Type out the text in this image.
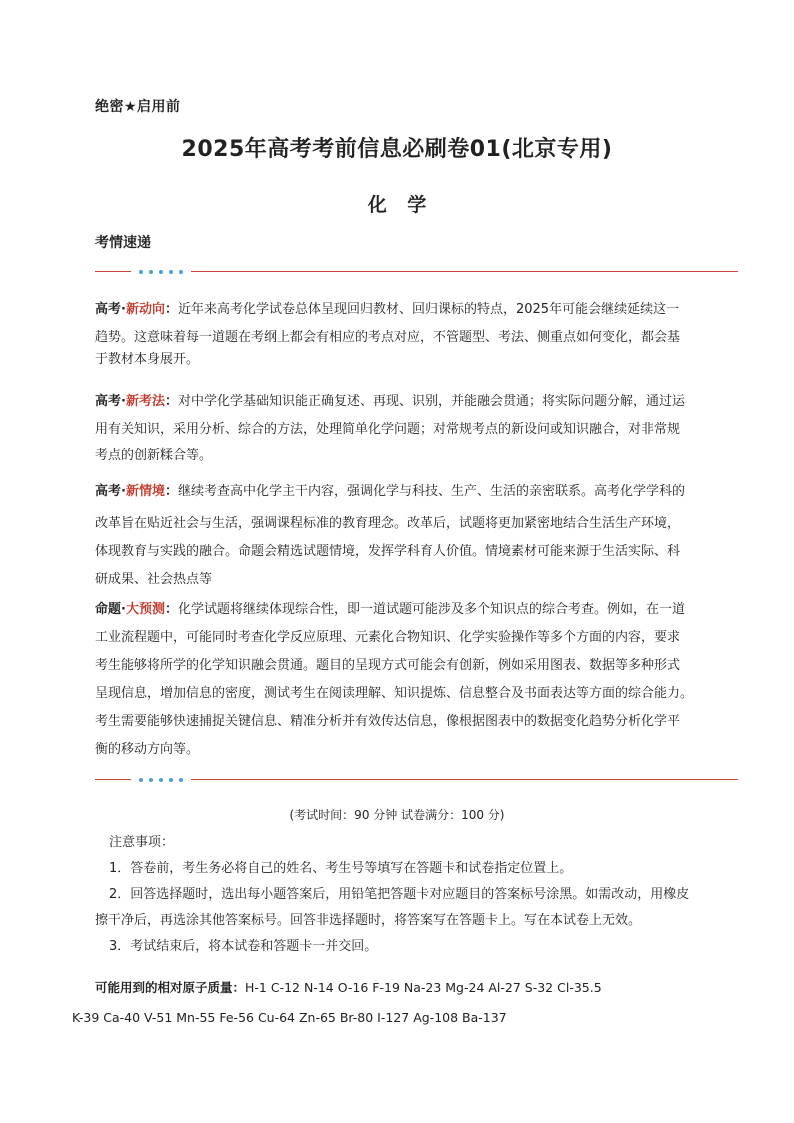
绝密★启用前
2025年高考考前信息必刷卷01(北京专用)
化 学
考情速递
高考·新动向：近年来高考化学试卷总体呈现回归教材、回归课标的特点，2025年可能会继续延续这一
趋势。这意味着每一道题在考纲上都会有相应的考点对应，不管题型、考法、侧重点如何变化，都会基
于教材本身展开。
高考·新考法：对中学化学基础知识能正确复述、再现、识别，并能融会贯通；将实际问题分解，通过运
用有关知识，采用分析、综合的方法，处理简单化学问题；对常规考点的新设问或知识融合，对非常规
考点的创新糅合等。
高考·新情境：继续考查高中化学主干内容，强调化学与科技、生产、生活的亲密联系。高考化学学科的
改革旨在贴近社会与生活，强调课程标准的教育理念。改革后，试题将更加紧密地结合生活生产环境，
体现教育与实践的融合。命题会精选试题情境，发挥学科育人价值。情境素材可能来源于生活实际、科
研成果、社会热点等
命题·大预测：化学试题将继续体现综合性，即一道试题可能涉及多个知识点的综合考查。例如，在一道
工业流程题中，可能同时考查化学反应原理、元素化合物知识、化学实验操作等多个方面的内容，要求
考生能够将所学的化学知识融会贯通。题目的呈现方式可能会有创新，例如采用图表、数据等多种形式
呈现信息，增加信息的密度，测试考生在阅读理解、知识提炼、信息整合及书面表达等方面的综合能力。
考生需要能够快速捕捉关键信息、精准分析并有效传达信息，像根据图表中的数据变化趋势分析化学平
衡的移动方向等。
(考试时间：90 分钟 试卷满分：100 分)
注意事项：
1．答卷前，考生务必将自己的姓名、考生号等填写在答题卡和试卷指定位置上。
2．回答选择题时，选出每小题答案后，用铅笔把答题卡对应题目的答案标号涂黑。如需改动，用橡皮
擦干净后，再选涂其他答案标号。回答非选择题时，将答案写在答题卡上。写在本试卷上无效。
3．考试结束后，将本试卷和答题卡一并交回。
可能用到的相对原子质量：H-1 C-12 N-14 O-16 F-19 Na-23 Mg-24 Al-27 S-32 Cl-35.5
K-39 Ca-40 V-51 Mn-55 Fe-56 Cu-64 Zn-65 Br-80 I-127 Ag-108 Ba-137
